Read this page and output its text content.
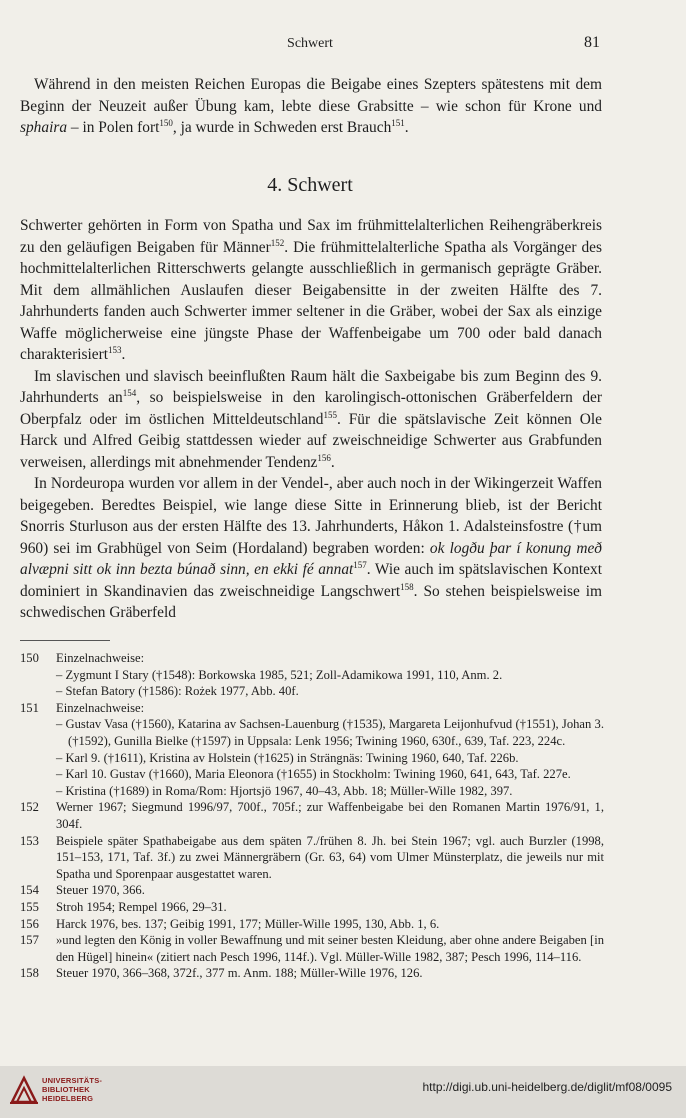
Schwert	81

Während in den meisten Reichen Europas die Beigabe eines Szepters spätestens mit dem Beginn der Neuzeit außer Übung kam, lebte diese Grabsitte – wie schon für Krone und sphaira – in Polen fort$^{150}$, ja wurde in Schweden erst Brauch$^{151}$.

4. Schwert

Schwerter gehörten in Form von Spatha und Sax im frühmittelalterlichen Reihengräberkreis zu den geläufigen Beigaben für Männer$^{152}$. Die frühmittelalterliche Spatha als Vorgänger des hochmittelalterlichen Ritterschwerts gelangte ausschließlich in germanisch geprägte Gräber. Mit dem allmählichen Auslaufen dieser Beigabensitte in der zweiten Hälfte des 7. Jahrhunderts fanden auch Schwerter immer seltener in die Gräber, wobei der Sax als einzige Waffe möglicherweise eine jüngste Phase der Waffenbeigabe um 700 oder bald danach charakterisiert$^{153}$.

Im slavischen und slavisch beeinflußten Raum hält die Saxbeigabe bis zum Beginn des 9. Jahrhunderts $an^{154}$, so beispielsweise in den karolingisch-ottonischen Gräberfeldern der Oberpfalz oder im östlichen Mitteldeutschland$^{155}$. Für die spätslavische Zeit können Ole Harck und Alfred Geibig stattdessen wieder auf zweischneidige Schwerter aus Grabfunden verweisen, allerdings mit abnehmender Tendenz$^{156}$.

In Nordeuropa wurden vor allem in der Vendel-, aber auch noch in der Wikingerzeit Waffen beigegeben. Beredtes Beispiel, wie lange diese Sitte in Erinnerung blieb, ist der Bericht Snorris Sturluson aus der ersten Hälfte des 13. Jahrhunderts, Håkon 1. Adalsteinsfostre (†um 960) sei im Grabhügel von Seim (Hordaland) begraben worden: ok logðu þar í konung með alvæpni sitt ok inn bezta búnað sinn, en ekki fé annat$^{157}$. Wie auch im spätslavischen Kontext dominiert in Skandinavien das zweischneidige Langschwert$^{158}$. So stehen beispielsweise im schwedischen Gräberfeld

150	Einzelnachweise:
– Zygmunt I Stary (†1548): Borkowska 1985, 521; Zoll-Adamikowa 1991, 110, Anm. 2.
– Stefan Batory (†1586): Rożek 1977, Abb. 40f.
151	Einzelnachweise:
– Gustav Vasa (†1560), Katarina av Sachsen-Lauenburg (†1535), Margareta Leijonhufvud (†1551), Johan 3. (†1592), Gunilla Bielke (†1597) in Uppsala: Lenk 1956; Twining 1960, 630f., 639, Taf. 223, 224c.
– Karl 9. (†1611), Kristina av Holstein (†1625) in Strängnäs: Twining 1960, 640, Taf. 226b.
– Karl 10. Gustav (†1660), Maria Eleonora (†1655) in Stockholm: Twining 1960, 641, 643, Taf. 227e.
– Kristina (†1689) in Roma/Rom: Hjortsjö 1967, 40–43, Abb. 18; Müller-Wille 1982, 397.
152	Werner 1967; Siegmund 1996/97, 700f., 705f.; zur Waffenbeigabe bei den Romanen Martin 1976/91, 1, 304f.
153	Beispiele später Spathabeigabe aus dem späten 7./frühen 8. Jh. bei Stein 1967; vgl. auch Burzler (1998, 151–153, 171, Taf. 3f.) zu zwei Männergräbern (Gr. 63, 64) vom Ulmer Münsterplatz, die jeweils nur mit Spatha und Sporenpaar ausgestattet waren.
154	Steuer 1970, 366.
155	Stroh 1954; Rempel 1966, 29–31.
156	Harck 1976, bes. 137; Geibig 1991, 177; Müller-Wille 1995, 130, Abb. 1, 6.
157	»und legten den König in voller Bewaffnung und mit seiner besten Kleidung, aber ohne andere Beigaben [in den Hügel] hinein« (zitiert nach Pesch 1996, 114f.). Vgl. Müller-Wille 1982, 387; Pesch 1996, 114–116.
158	Steuer 1970, 366–368, 372f., 377 m. Anm. 188; Müller-Wille 1976, 126.
UNIVERSITÄTS-
BIBLIOTHEK
HEIDELBERG
http://digi.ub.uni-heidelberg.de/diglit/mf08/0095
